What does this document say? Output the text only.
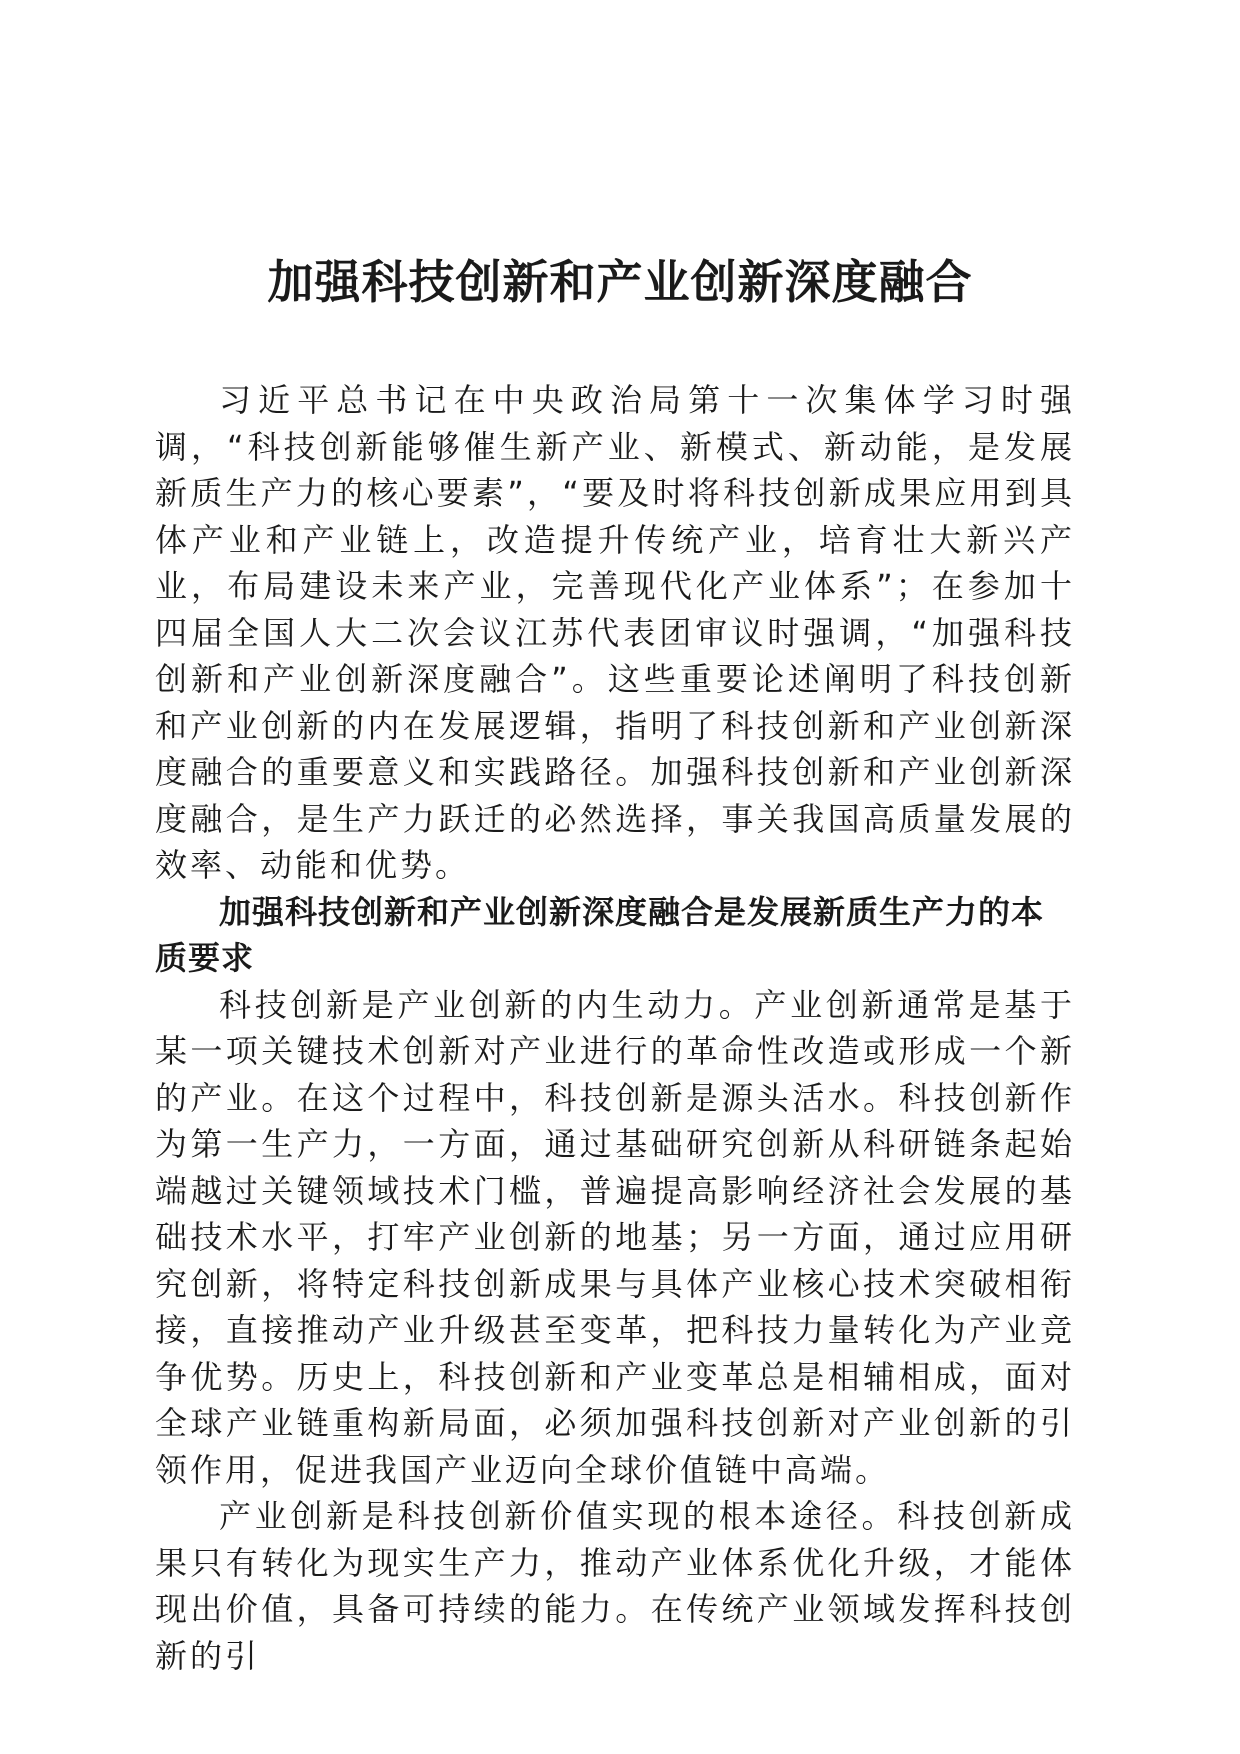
加强科技创新和产业创新深度融合

习近平总书记在中央政治局第十一次集体学习时强调，“科技创新能够催生新产业、新模式、新动能，是发展新质生产力的核心要素”，“要及时将科技创新成果应用到具体产业和产业链上，改造提升传统产业，培育壮大新兴产业，布局建设未来产业，完善现代化产业体系”；在参加十四届全国人大二次会议江苏代表团审议时强调，“加强科技创新和产业创新深度融合”。这些重要论述阐明了科技创新和产业创新的内在发展逻辑，指明了科技创新和产业创新深度融合的重要意义和实践路径。加强科技创新和产业创新深度融合，是生产力跃迁的必然选择，事关我国高质量发展的效率、动能和优势。

加强科技创新和产业创新深度融合是发展新质生产力的本质要求

科技创新是产业创新的内生动力。产业创新通常是基于某一项关键技术创新对产业进行的革命性改造或形成一个新的产业。在这个过程中，科技创新是源头活水。科技创新作为第一生产力，一方面，通过基础研究创新从科研链条起始端越过关键领域技术门槛，普遍提高影响经济社会发展的基础技术水平，打牢产业创新的地基；另一方面，通过应用研究创新，将特定科技创新成果与具体产业核心技术突破相衔接，直接推动产业升级甚至变革，把科技力量转化为产业竞争优势。历史上，科技创新和产业变革总是相辅相成，面对全球产业链重构新局面，必须加强科技创新对产业创新的引领作用，促进我国产业迈向全球价值链中高端。

产业创新是科技创新价值实现的根本途径。科技创新成果只有转化为现实生产力，推动产业体系优化升级，才能体现出价值，具备可持续的能力。在传统产业领域发挥科技创新的引
